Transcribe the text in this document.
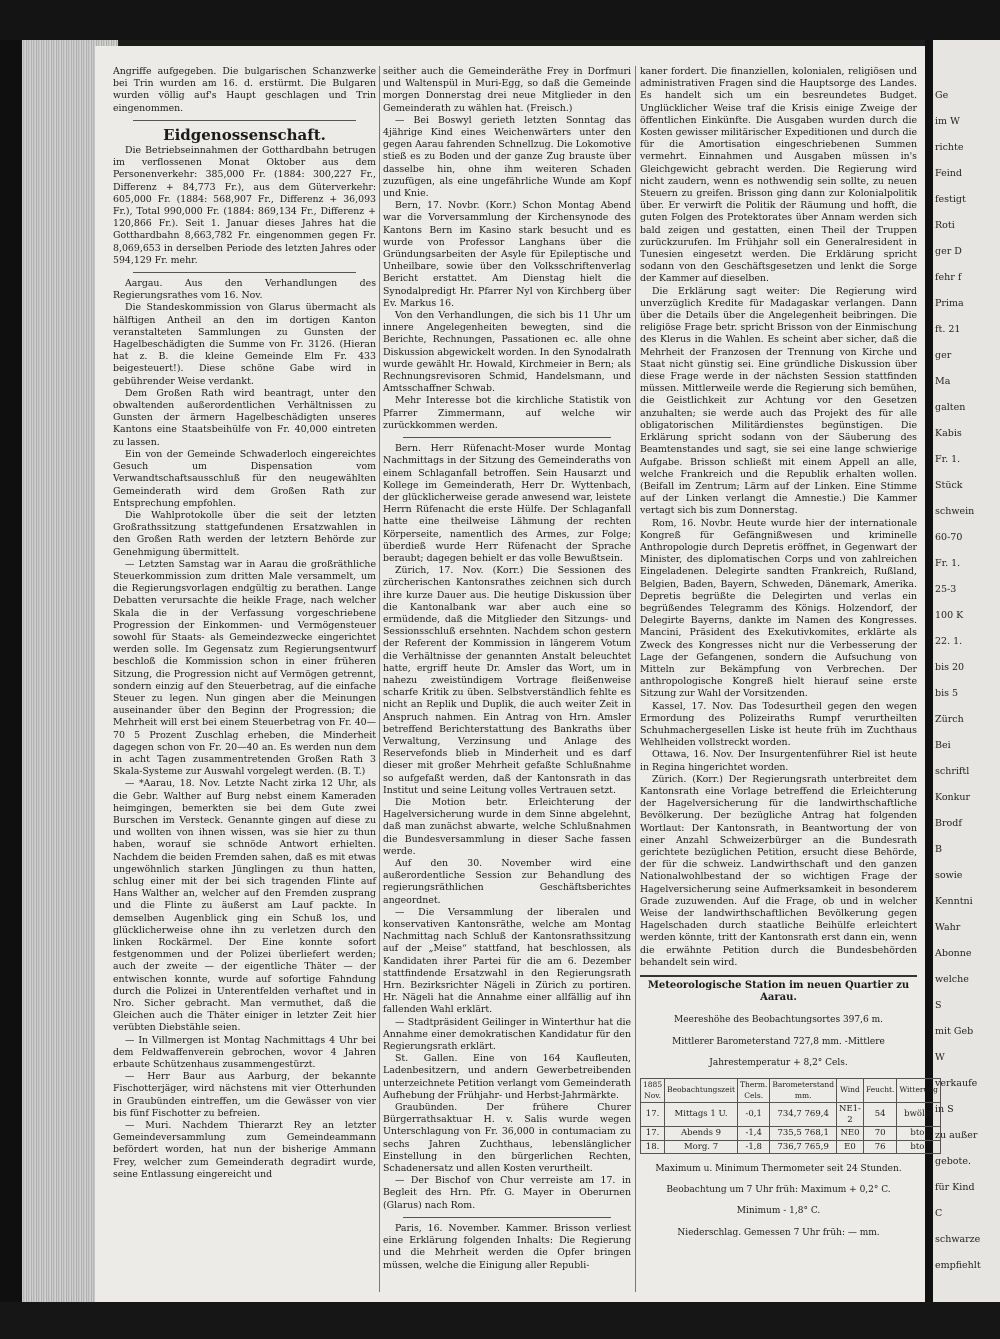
Ge
im W
richte
Feind
festigt
Roti
ger D
fehr f
Prima
ft. 21
ger
Ma
galten
Kabis
Fr. 1.
Stück
schwein
60-70
Fr. 1.
25-3
100 K
22. 1.
bis 20
bis 5
Zürch
Bei
schriftl
Konkur
Brodf
B
sowie
Kenntni
Wahr
Abonne
welche
S
mit Geb
W
verkaufe
in S
zu außer
gebote.
für Kind
C
schwarze
empfiehlt

Angriffe aufgegeben. Die bulgarischen Schanzwerke bei Trin wurden am 16. d. erstürmt. Die Bulgaren wurden völlig auf's Haupt geschlagen und Trin eingenommen.

Eidgenossenschaft.

Die Betriebseinnahmen der Gotthardbahn betrugen im verflossenen Monat Oktober aus dem Personenverkehr: 385,000 Fr. (1884: 300,227 Fr., Differenz + 84,773 Fr.), aus dem Güterverkehr: 605,000 Fr. (1884: 568,907 Fr., Differenz + 36,093 Fr.), Total 990,000 Fr. (1884: 869,134 Fr., Differenz + 120,866 Fr.). Seit 1. Januar dieses Jahres hat die Gotthardbahn 8,663,782 Fr. eingenommen gegen Fr. 8,069,653 in derselben Periode des letzten Jahres oder 594,129 Fr. mehr.

Aargau. Aus den Verhandlungen des Regierungsrathes vom 16. Nov.

Die Standeskommission von Glarus übermacht als hälftigen Antheil an den im dortigen Kanton veranstalteten Sammlungen zu Gunsten der Hagelbeschädigten die Summe von Fr. 3126. (Hieran hat z. B. die kleine Gemeinde Elm Fr. 433 beigesteuert!). Diese schöne Gabe wird in gebührender Weise verdankt.

Dem Großen Rath wird beantragt, unter den obwaltenden außerordentlichen Verhältnissen zu Gunsten der ärmern Hagelbeschädigten unseres Kantons eine Staatsbeihülfe von Fr. 40,000 eintreten zu lassen.

Ein von der Gemeinde Schwaderloch eingereichtes Gesuch um Dispensation vom Verwandtschaftsausschluß für den neugewählten Gemeinderath wird dem Großen Rath zur Entsprechung empfohlen.

Die Wahlprotokolle über die seit der letzten Großrathssitzung stattgefundenen Ersatzwahlen in den Großen Rath werden der letztern Behörde zur Genehmigung übermittelt.

— Letzten Samstag war in Aarau die großräthliche Steuerkommission zum dritten Male versammelt, um die Regierungsvorlagen endgültig zu berathen. Lange Debatten verursachte die heikle Frage, nach welcher Skala die in der Verfassung vorgeschriebene Progression der Einkommen- und Vermögensteuer sowohl für Staats- als Gemeindezwecke eingerichtet werden solle. Im Gegensatz zum Regierungsentwurf beschloß die Kommission schon in einer früheren Sitzung, die Progression nicht auf Vermögen getrennt, sondern einzig auf den Steuerbetrag, auf die einfache Steuer zu legen. Nun gingen aber die Meinungen auseinander über den Beginn der Progression; die Mehrheit will erst bei einem Steuerbetrag von Fr. 40—70 5 Prozent Zuschlag erheben, die Minderheit dagegen schon von Fr. 20—40 an. Es werden nun dem in acht Tagen zusammentretenden Großen Rath 3 Skala-Systeme zur Auswahl vorgelegt werden. (B. T.)

— *Aarau, 18. Nov. Letzte Nacht zirka 12 Uhr, als die Gebr. Walther auf Burg nebst einem Kameraden heimgingen, bemerkten sie bei dem Gute zwei Burschen im Versteck. Genannte gingen auf diese zu und wollten von ihnen wissen, was sie hier zu thun haben, worauf sie schnöde Antwort erhielten. Nachdem die beiden Fremden sahen, daß es mit etwas ungewöhnlich starken Jünglingen zu thun hatten, schlug einer mit der bei sich tragenden Flinte auf Hans Walther an, welcher auf den Fremden zusprang und die Flinte zu äußerst am Lauf packte. In demselben Augenblick ging ein Schuß los, und glücklicherweise ohne ihn zu verletzen durch den linken Rockärmel. Der Eine konnte sofort festgenommen und der Polizei überliefert werden; auch der zweite — der eigentliche Thäter — der entwischen konnte, wurde auf sofortige Fahndung durch die Polizei in Unterentfelden verhaftet und in Nro. Sicher gebracht. Man vermuthet, daß die Gleichen auch die Thäter einiger in letzter Zeit hier verübten Diebstähle seien.

— In Villmergen ist Montag Nachmittags 4 Uhr bei dem Feldwaffenverein gebrochen, wovor 4 Jahren erbaute Schützenhaus zusammengestürzt.

— Herr Baur aus Aarburg, der bekannte Fischotterjäger, wird nächstens mit vier Otterhunden in Graubünden eintreffen, um die Gewässer von vier bis fünf Fischotter zu befreien.

— Muri. Nachdem Thierarzt Rey an letzter Gemeindeversammlung zum Gemeindeammann befördert worden, hat nun der bisherige Ammann Frey, welcher zum Gemeinderath degradirt wurde, seine Entlassung eingereicht und

seither auch die Gemeinderäthe Frey in Dorfmuri und Waltenspül in Muri-Egg, so daß die Gemeinde morgen Donnerstag drei neue Mitglieder in den Gemeinderath zu wählen hat. (Freisch.)

— Bei Boswyl gerieth letzten Sonntag das 4jährige Kind eines Weichenwärters unter den gegen Aarau fahrenden Schnellzug. Die Lokomotive stieß es zu Boden und der ganze Zug brauste über dasselbe hin, ohne ihm weiteren Schaden zuzufügen, als eine ungefährliche Wunde am Kopf und Knie.

Bern, 17. Novbr. (Korr.) Schon Montag Abend war die Vorversammlung der Kirchensynode des Kantons Bern im Kasino stark besucht und es wurde von Professor Langhans über die Gründungsarbeiten der Asyle für Epileptische und Unheilbare, sowie über den Volksschriftenverlag Bericht erstattet. Am Dienstag hielt die Synodalpredigt Hr. Pfarrer Nyl von Kirchberg über Ev. Markus 16.

Von den Verhandlungen, die sich bis 11 Uhr um innere Angelegenheiten bewegten, sind die Berichte, Rechnungen, Passationen ec. alle ohne Diskussion abgewickelt worden. In den Synodalrath wurde gewählt Hr. Howald, Kirchmeier in Bern; als Rechnungsrevisoren Schmid, Handelsmann, und Amtsschaffner Schwab.

Mehr Interesse bot die kirchliche Statistik von Pfarrer Zimmermann, auf welche wir zurückkommen werden.

Bern. Herr Rüfenacht-Moser wurde Montag Nachmittags in der Sitzung des Gemeinderaths von einem Schlaganfall betroffen. Sein Hausarzt und Kollege im Gemeinderath, Herr Dr. Wyttenbach, der glücklicherweise gerade anwesend war, leistete Herrn Rüfenacht die erste Hülfe. Der Schlaganfall hatte eine theilweise Lähmung der rechten Körperseite, namentlich des Armes, zur Folge; überdieß wurde Herr Rüfenacht der Sprache beraubt; dagegen behielt er das volle Bewußtsein.

Zürich, 17. Nov. (Korr.) Die Sessionen des zürcherischen Kantonsrathes zeichnen sich durch ihre kurze Dauer aus. Die heutige Diskussion über die Kantonalbank war aber auch eine so ermüdende, daß die Mitglieder den Sitzungs- und Sessionsschluß ersehnten. Nachdem schon gestern der Referent der Kommission in längerem Votum die Verhältnisse der genannten Anstalt beleuchtet hatte, ergriff heute Dr. Amsler das Wort, um in nahezu zweistündigem Vortrage fleißenweise scharfe Kritik zu üben. Selbstverständlich fehlte es nicht an Replik und Duplik, die auch weiter Zeit in Anspruch nahmen. Ein Antrag von Hrn. Amsler betreffend Berichterstattung des Bankraths über Verwaltung, Verzinsung und Anlage des Reservefonds blieb in Minderheit und es darf dieser mit großer Mehrheit gefaßte Schlußnahme so aufgefaßt werden, daß der Kantonsrath in das Institut und seine Leitung volles Vertrauen setzt.

Die Motion betr. Erleichterung der Hagelversicherung wurde in dem Sinne abgelehnt, daß man zunächst abwarte, welche Schlußnahmen die Bundesversammlung in dieser Sache fassen werde.

Auf den 30. November wird eine außerordentliche Session zur Behandlung des regierungsräthlichen Geschäftsberichtes angeordnet.

— Die Versammlung der liberalen und konservativen Kantonsräthe, welche am Montag Nachmittag nach Schluß der Kantonsrathssitzung auf der „Meise“ stattfand, hat beschlossen, als Kandidaten ihrer Partei für die am 6. Dezember stattfindende Ersatzwahl in den Regierungsrath Hrn. Bezirksrichter Nägeli in Zürich zu portiren. Hr. Nägeli hat die Annahme einer allfällig auf ihn fallenden Wahl erklärt.

— Stadtpräsident Geilinger in Winterthur hat die Annahme einer demokratischen Kandidatur für den Regierungsrath erklärt.

St. Gallen. Eine von 164 Kaufleuten, Ladenbesitzern, und andern Gewerbetreibenden unterzeichnete Petition verlangt vom Gemeinderath Aufhebung der Frühjahr- und Herbst-Jahrmärkte.

Graubünden. Der frühere Churer Bürgerrathsaktuar H. v. Salis wurde wegen Unterschlagung von Fr. 36,000 in contumaciam zu sechs Jahren Zuchthaus, lebenslänglicher Einstellung in den bürgerlichen Rechten, Schadenersatz und allen Kosten verurtheilt.

— Der Bischof von Chur verreiste am 17. in Begleit des Hrn. Pfr. G. Mayer in Oberurnen (Glarus) nach Rom.

Paris, 16. November. Kammer. Brisson verliest eine Erklärung folgenden Inhalts: Die Regierung und die Mehrheit werden die Opfer bringen müssen, welche die Einigung aller Republi-

kaner fordert. Die finanziellen, kolonialen, religiösen und administrativen Fragen sind die Hauptsorge des Landes. Es handelt sich um ein besreundetes Budget. Unglücklicher Weise traf die Krisis einige Zweige der öffentlichen Einkünfte. Die Ausgaben wurden durch die Kosten gewisser militärischer Expeditionen und durch die für die Amortisation eingeschriebenen Summen vermehrt. Einnahmen und Ausgaben müssen in's Gleichgewicht gebracht werden. Die Regierung wird nicht zaudern, wenn es nothwendig sein sollte, zu neuen Steuern zu greifen. Brisson ging dann zur Kolonialpolitik über. Er verwirft die Politik der Räumung und hofft, die guten Folgen des Protektorates über Annam werden sich bald zeigen und gestatten, einen Theil der Truppen zurückzurufen. Im Frühjahr soll ein Generalresident in Tunesien eingesetzt werden. Die Erklärung spricht sodann von den Geschäftsgesetzen und lenkt die Sorge der Kammer auf dieselben.

Die Erklärung sagt weiter: Die Regierung wird unverzüglich Kredite für Madagaskar verlangen. Dann über die Details über die Angelegenheit beibringen. Die religiöse Frage betr. spricht Brisson von der Einmischung des Klerus in die Wahlen. Es scheint aber sicher, daß die Mehrheit der Franzosen der Trennung von Kirche und Staat nicht günstig sei. Eine gründliche Diskussion über diese Frage werde in der nächsten Session stattfinden müssen. Mittlerweile werde die Regierung sich bemühen, die Geistlichkeit zur Achtung vor den Gesetzen anzuhalten; sie werde auch das Projekt des für alle obligatorischen Militärdienstes begünstigen. Die Erklärung spricht sodann von der Säuberung des Beamtenstandes und sagt, sie sei eine lange schwierige Aufgabe. Brisson schließt mit einem Appell an alle, welche Frankreich und die Republik erhalten wollen. (Beifall im Zentrum; Lärm auf der Linken. Eine Stimme auf der Linken verlangt die Amnestie.) Die Kammer vertagt sich bis zum Donnerstag.

Rom, 16. Novbr. Heute wurde hier der internationale Kongreß für Gefängnißwesen und kriminelle Anthropologie durch Depretis eröffnet, in Gegenwart der Minister, des diplomatischen Corps und von zahlreichen Eingeladenen. Delegirte sandten Frankreich, Rußland, Belgien, Baden, Bayern, Schweden, Dänemark, Amerika. Depretis begrüßte die Delegirten und verlas ein begrüßendes Telegramm des Königs. Holzendorf, der Delegirte Bayerns, dankte im Namen des Kongresses. Mancini, Präsident des Exekutivkomites, erklärte als Zweck des Kongresses nicht nur die Verbesserung der Lage der Gefangenen, sondern die Aufsuchung von Mitteln zur Bekämpfung von Verbrechen. Der anthropologische Kongreß hielt hierauf seine erste Sitzung zur Wahl der Vorsitzenden.

Kassel, 17. Nov. Das Todesurtheil gegen den wegen Ermordung des Polizeiraths Rumpf verurtheilten Schuhmachergesellen Liske ist heute früh im Zuchthaus Wehlheiden vollstreckt worden.

Ottawa, 16. Nov. Der Insurgentenführer Riel ist heute in Regina hingerichtet worden.

Zürich. (Korr.) Der Regierungsrath unterbreitet dem Kantonsrath eine Vorlage betreffend die Erleichterung der Hagelversicherung für die landwirthschaftliche Bevölkerung. Der bezügliche Antrag hat folgenden Wortlaut: Der Kantonsrath, in Beantwortung der von einer Anzahl Schweizerbürger an die Bundesrath gerichtete bezüglichen Petition, ersucht diese Behörde, der für die schweiz. Landwirthschaft und den ganzen Nationalwohlbestand der so wichtigen Frage der Hagelversicherung seine Aufmerksamkeit in besonderem Grade zuzuwenden. Auf die Frage, ob und in welcher Weise der landwirthschaftlichen Bevölkerung gegen Hagelschaden durch staatliche Beihülfe erleichtert werden könnte, tritt der Kantonsrath erst dann ein, wenn die erwähnte Petition durch die Bundesbehörden behandelt sein wird.

Meteorologische Station im neuen Quartier zu Aarau.

Meereshöhe des Beobachtungsortes 397,6 m.

Mittlerer Barometerstand 727,8 mm. -Mittlere

Jahrestemperatur + 8,2° Cels.

1885 Nov.	Beobachtungszeit	Therm. Cels.	Barometerstand mm.	Wind	Feucht.	Witterung
17.	Mittags 1 U.	-0,1	734,7 769,4	NE1-2	54	bwölkt
17.	Abends 9	-1,4	735,5 768,1	NE0	70	bto.
18.	Morg. 7	-1,8	736,7 765,9	E0	76	bto.

Maximum u. Minimum Thermometer seit 24 Stunden.

Beobachtung um 7 Uhr früh: Maximum + 0,2° C.

Minimum - 1,8° C.

Niederschlag. Gemessen 7 Uhr früh: — mm.
